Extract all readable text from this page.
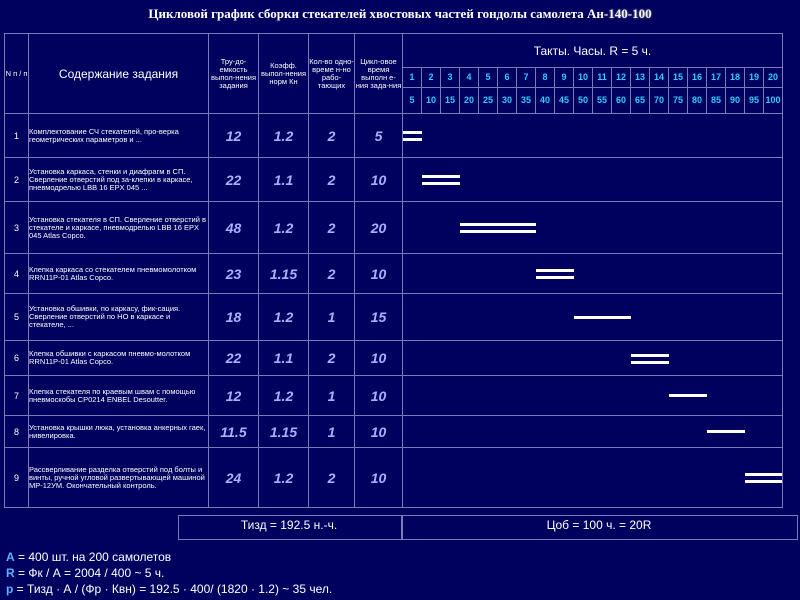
Цикловой график сборки стекателей хвостовых частей гондолы самолета Ан-140-100
N п / п	Содержание задания	Тру-до-емкость выпол-нения задания	Коэфф. выпол-нения норм Кн	Кол-во одно-време н-но рабо-тающих	Цикл-овое время выполн е-ния зада-ния	Такты. Часы. R = 5 ч.																			
						1	2	3	4	5	6	7	8	9	10	11	12	13	14	15	16	17	18	19	20
						5	10	15	20	25	30	35	40	45	50	55	60	65	70	75	80	85	90	95	100
1	Комплектование СЧ стекателей, про-верка геометрических параметров и ...	12	1.2	2	5																				

2	Установка каркаса, стенки и диафрагм в СП. Сверление отверстий под за-клепки в каркасе, пневмодрелью LBB 16 EPX 045 ...	22	1.1	2	10																				

3	Установка стекателя в СП. Сверление отверстий в стекателе и каркасе, пневмодрелью LBB 16 EPX 045 Atlas Copco.	48	1.2	2	20																				

4	Клепка каркаса со стекателем пневмомолотком RRN11P-01 Atlas Copco.	23	1.15	2	10																				

5	Установка обшивки, по каркасу, фик-сация. Сверление отверстий по НО в каркасе и стекателе, ...	18	1.2	1	15																				

6	Клепка обшивки с каркасом пневмо-молотком RRN11P-01 Atlas Copco.	22	1.1	2	10																				

7	Клепка стекателя по краевым швам с помощью пневмоскобы CP0214 ENBEL Desoutter.	12	1.2	1	10																				

8	Установка крышки люка, установка анкерных гаек, нивелировка.	11.5	1.15	1	10																				

9	Рассверливание разделка отверстий под болты и винты, ручной угловой развертывающей машиной MP-12УМ. Окончательный контроль.	24	1.2	2	10																				
Тизд = 192.5 н.-ч.	Цоб = 100 ч. = 20R
А = 400 шт. на 200 самолетов
R = Фк / А = 2004 / 400 ~ 5 ч.
p = Тизд · А / (Фр · Квн) = 192.5 · 400/ (1820 · 1.2) ~ 35 чел.
